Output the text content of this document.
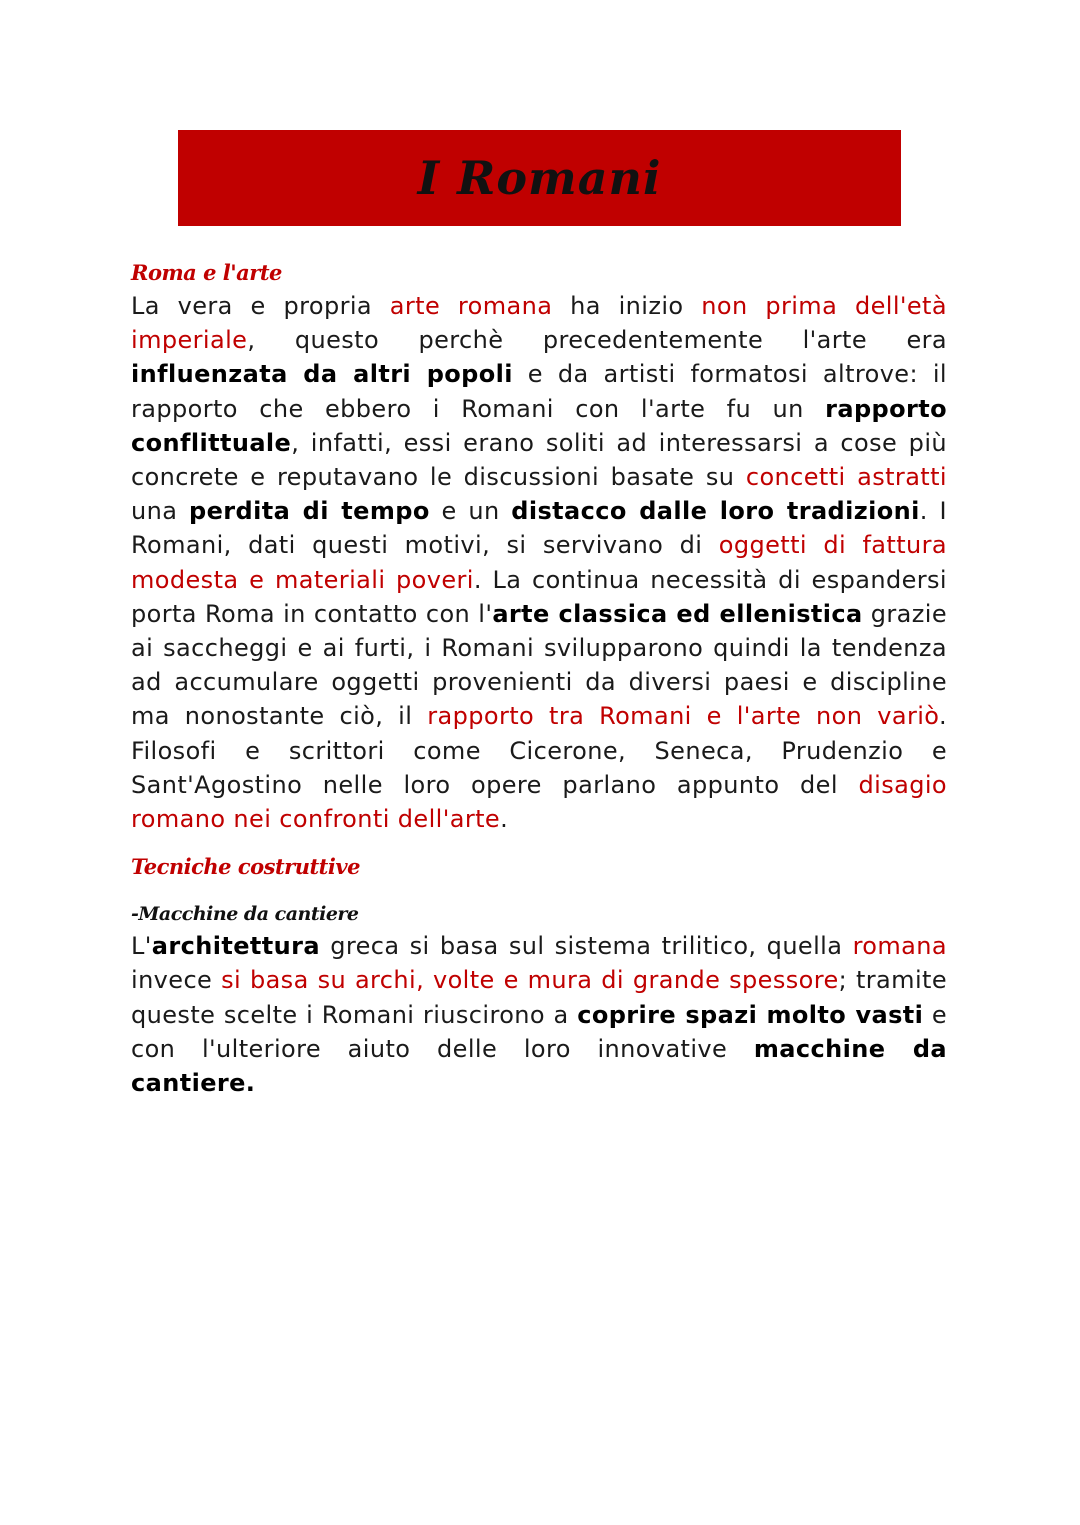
I Romani
Roma e l'arte

La vera e propria arte romana ha inizio non prima dell'età imperiale, questo perchè precedentemente l'arte era influenzata da altri popoli e da artisti formatosi altrove: il rapporto che ebbero i Romani con l'arte fu un rapporto conflittuale, infatti, essi erano soliti ad interessarsi a cose più concrete e reputavano le discussioni basate su concetti astratti una perdita di tempo e un distacco dalle loro tradizioni. I Romani, dati questi motivi, si servivano di oggetti di fattura modesta e materiali poveri. La continua necessità di espandersi porta Roma in contatto con l'arte classica ed ellenistica grazie ai saccheggi e ai furti, i Romani svilupparono quindi la tendenza ad accumulare oggetti provenienti da diversi paesi e discipline ma nonostante ciò, il rapporto tra Romani e l'arte non variò. Filosofi e scrittori come Cicerone, Seneca, Prudenzio e Sant'Agostino nelle loro opere parlano appunto del disagio romano nei confronti dell'arte.

Tecniche costruttive
-Macchine da cantiere

L'architettura greca si basa sul sistema trilitico, quella romana invece si basa su archi, volte e mura di grande spessore; tramite queste scelte i Romani riuscirono a coprire spazi molto vasti e con l'ulteriore aiuto delle loro innovative macchine da cantiere.
